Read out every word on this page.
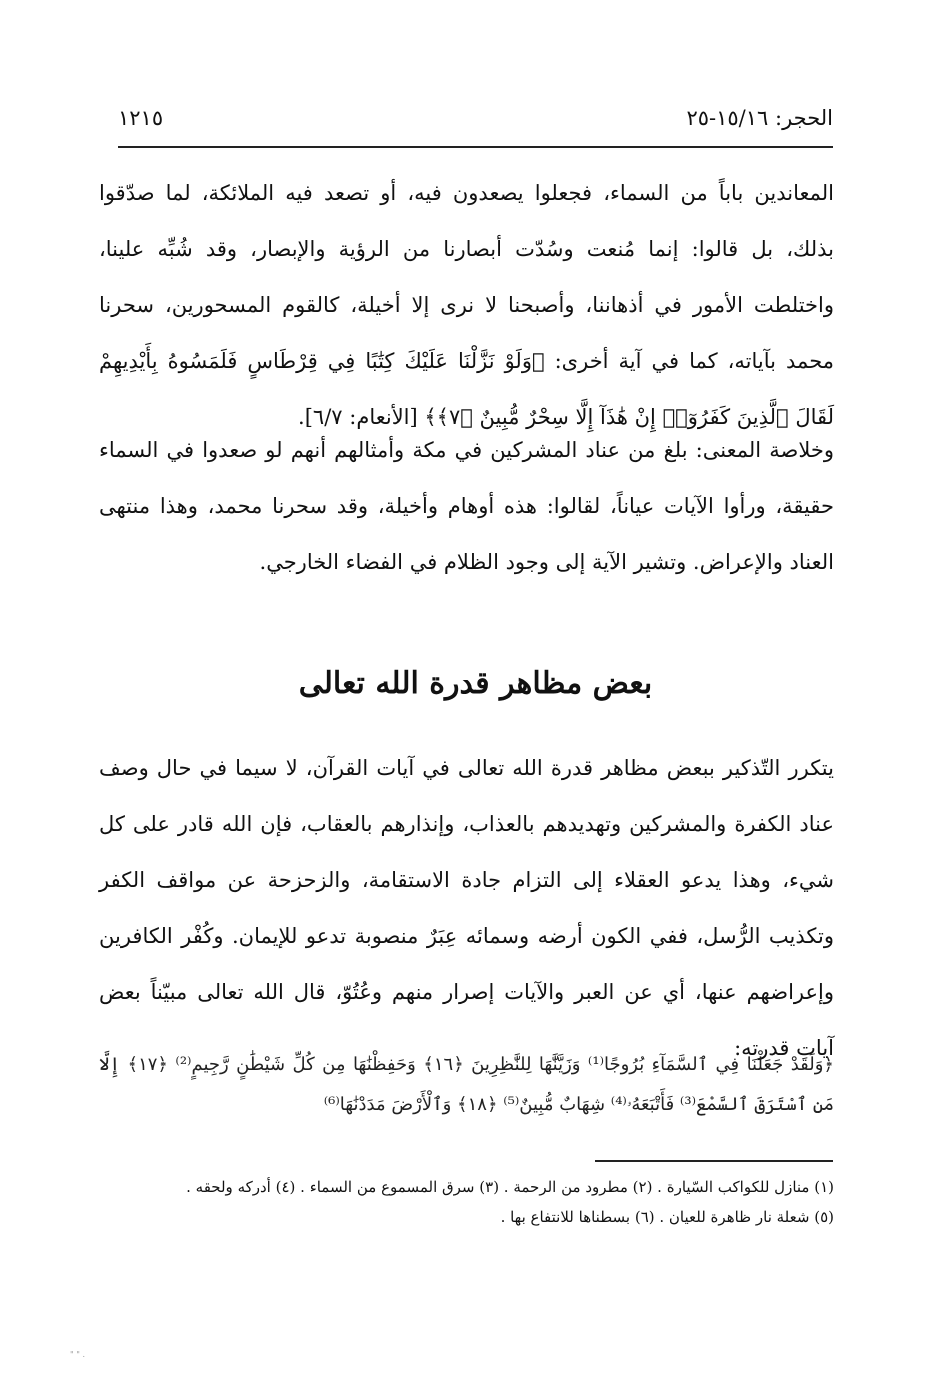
الحجر: ١٥/١٦-٢٥
١٢١٥

المعاندين باباً من السماء، فجعلوا يصعدون فيه، أو تصعد فيه الملائكة، لما صدّقوا بذلك، بل قالوا: إنما مُنعت وسُدّت أبصارنا من الرؤية والإبصار، وقد شُبِّه علينا، واختلطت الأمور في أذهاننا، وأصبحنا لا نرى إلا أخيلة، كالقوم المسحورين، سحرنا محمد بآياته، كما في آية أخرى: ﴿وَلَوْ نَزَّلْنَا عَلَيْكَ كِتَٰبًا فِي قِرْطَاسٍ فَلَمَسُوهُ بِأَيْدِيهِمْ لَقَالَ ٱلَّذِينَ كَفَرُوٓا۟ إِنْ هَٰذَآ إِلَّا سِحْرٌ مُّبِينٌ ﴿٧﴾﴾ [الأنعام: ٦/٧].

وخلاصة المعنى: بلغ من عناد المشركين في مكة وأمثالهم أنهم لو صعدوا في السماء حقيقة، ورأوا الآيات عياناً، لقالوا: هذه أوهام وأخيلة، وقد سحرنا محمد، وهذا منتهى العناد والإعراض. وتشير الآية إلى وجود الظلام في الفضاء الخارجي.

بعض مظاهر قدرة الله تعالى

يتكرر التّذكير ببعض مظاهر قدرة الله تعالى في آيات القرآن، لا سيما في حال وصف عناد الكفرة والمشركين وتهديدهم بالعذاب، وإنذارهم بالعقاب، فإن الله قادر على كل شيء، وهذا يدعو العقلاء إلى التزام جادة الاستقامة، والزحزحة عن مواقف الكفر وتكذيب الرُّسل، ففي الكون أرضه وسمائه عِبَرٌ منصوبة تدعو للإيمان. وكُفْر الكافرين وإعراضهم عنها، أي عن العبر والآيات إصرار منهم وعُتُوّ، قال الله تعالى مبيّناً بعض آيات قدرته:

﴿وَلَقَدْ جَعَلْنَا فِي ٱلسَّمَآءِ بُرُوجًا⁽¹⁾ وَزَيَّنَّٰهَا لِلنَّٰظِرِينَ ﴿١٦﴾ وَحَفِظْنَٰهَا مِن كُلِّ شَيْطَٰنٍ رَّجِيمٍ⁽²⁾ ﴿١٧﴾ إِلَّا مَنِ ٱسْتَرَقَ ٱلسَّمْعَ⁽³⁾ فَأَتْبَعَهُۥ⁽⁴⁾ شِهَابٌ مُّبِينٌ⁽⁵⁾ ﴿١٨﴾ وَٱلْأَرْضَ مَدَدْنَٰهَا⁽⁶⁾

(١) منازل للكواكب السّيارة . (٢) مطرود من الرحمة . (٣) سرق المسموع من السماء . (٤) أدركه ولحقه .

(٥) شعلة نار ظاهرة للعيان . (٦) بسطناها للانتفاع بها .

" " .
